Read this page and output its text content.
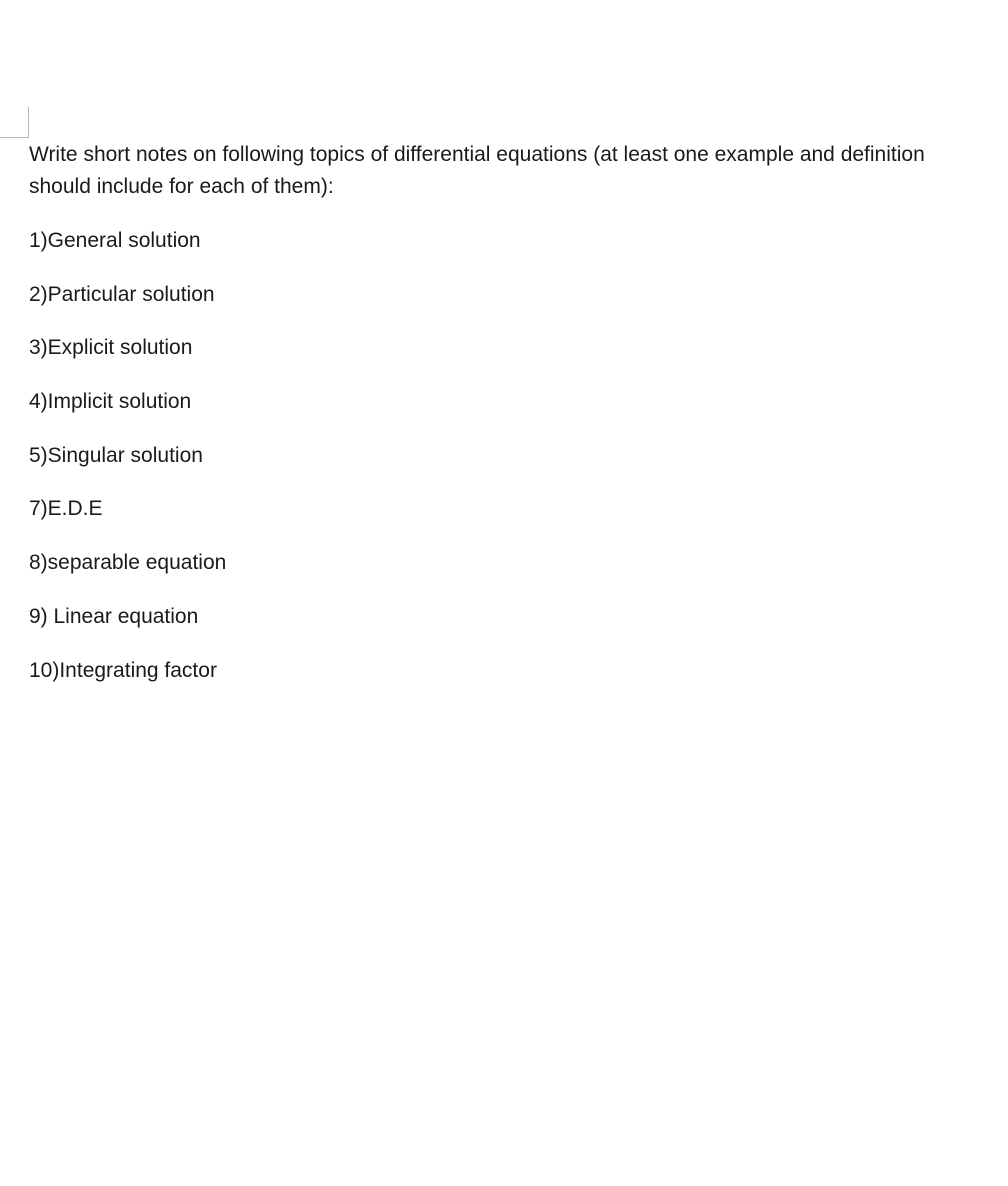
Write short notes on following topics of differential equations (at least one example and definition should include for each of them):

1)General solution
2)Particular solution
3)Explicit solution
4)Implicit solution
5)Singular solution
7)E.D.E
8)separable equation
9) Linear equation
10)Integrating factor
